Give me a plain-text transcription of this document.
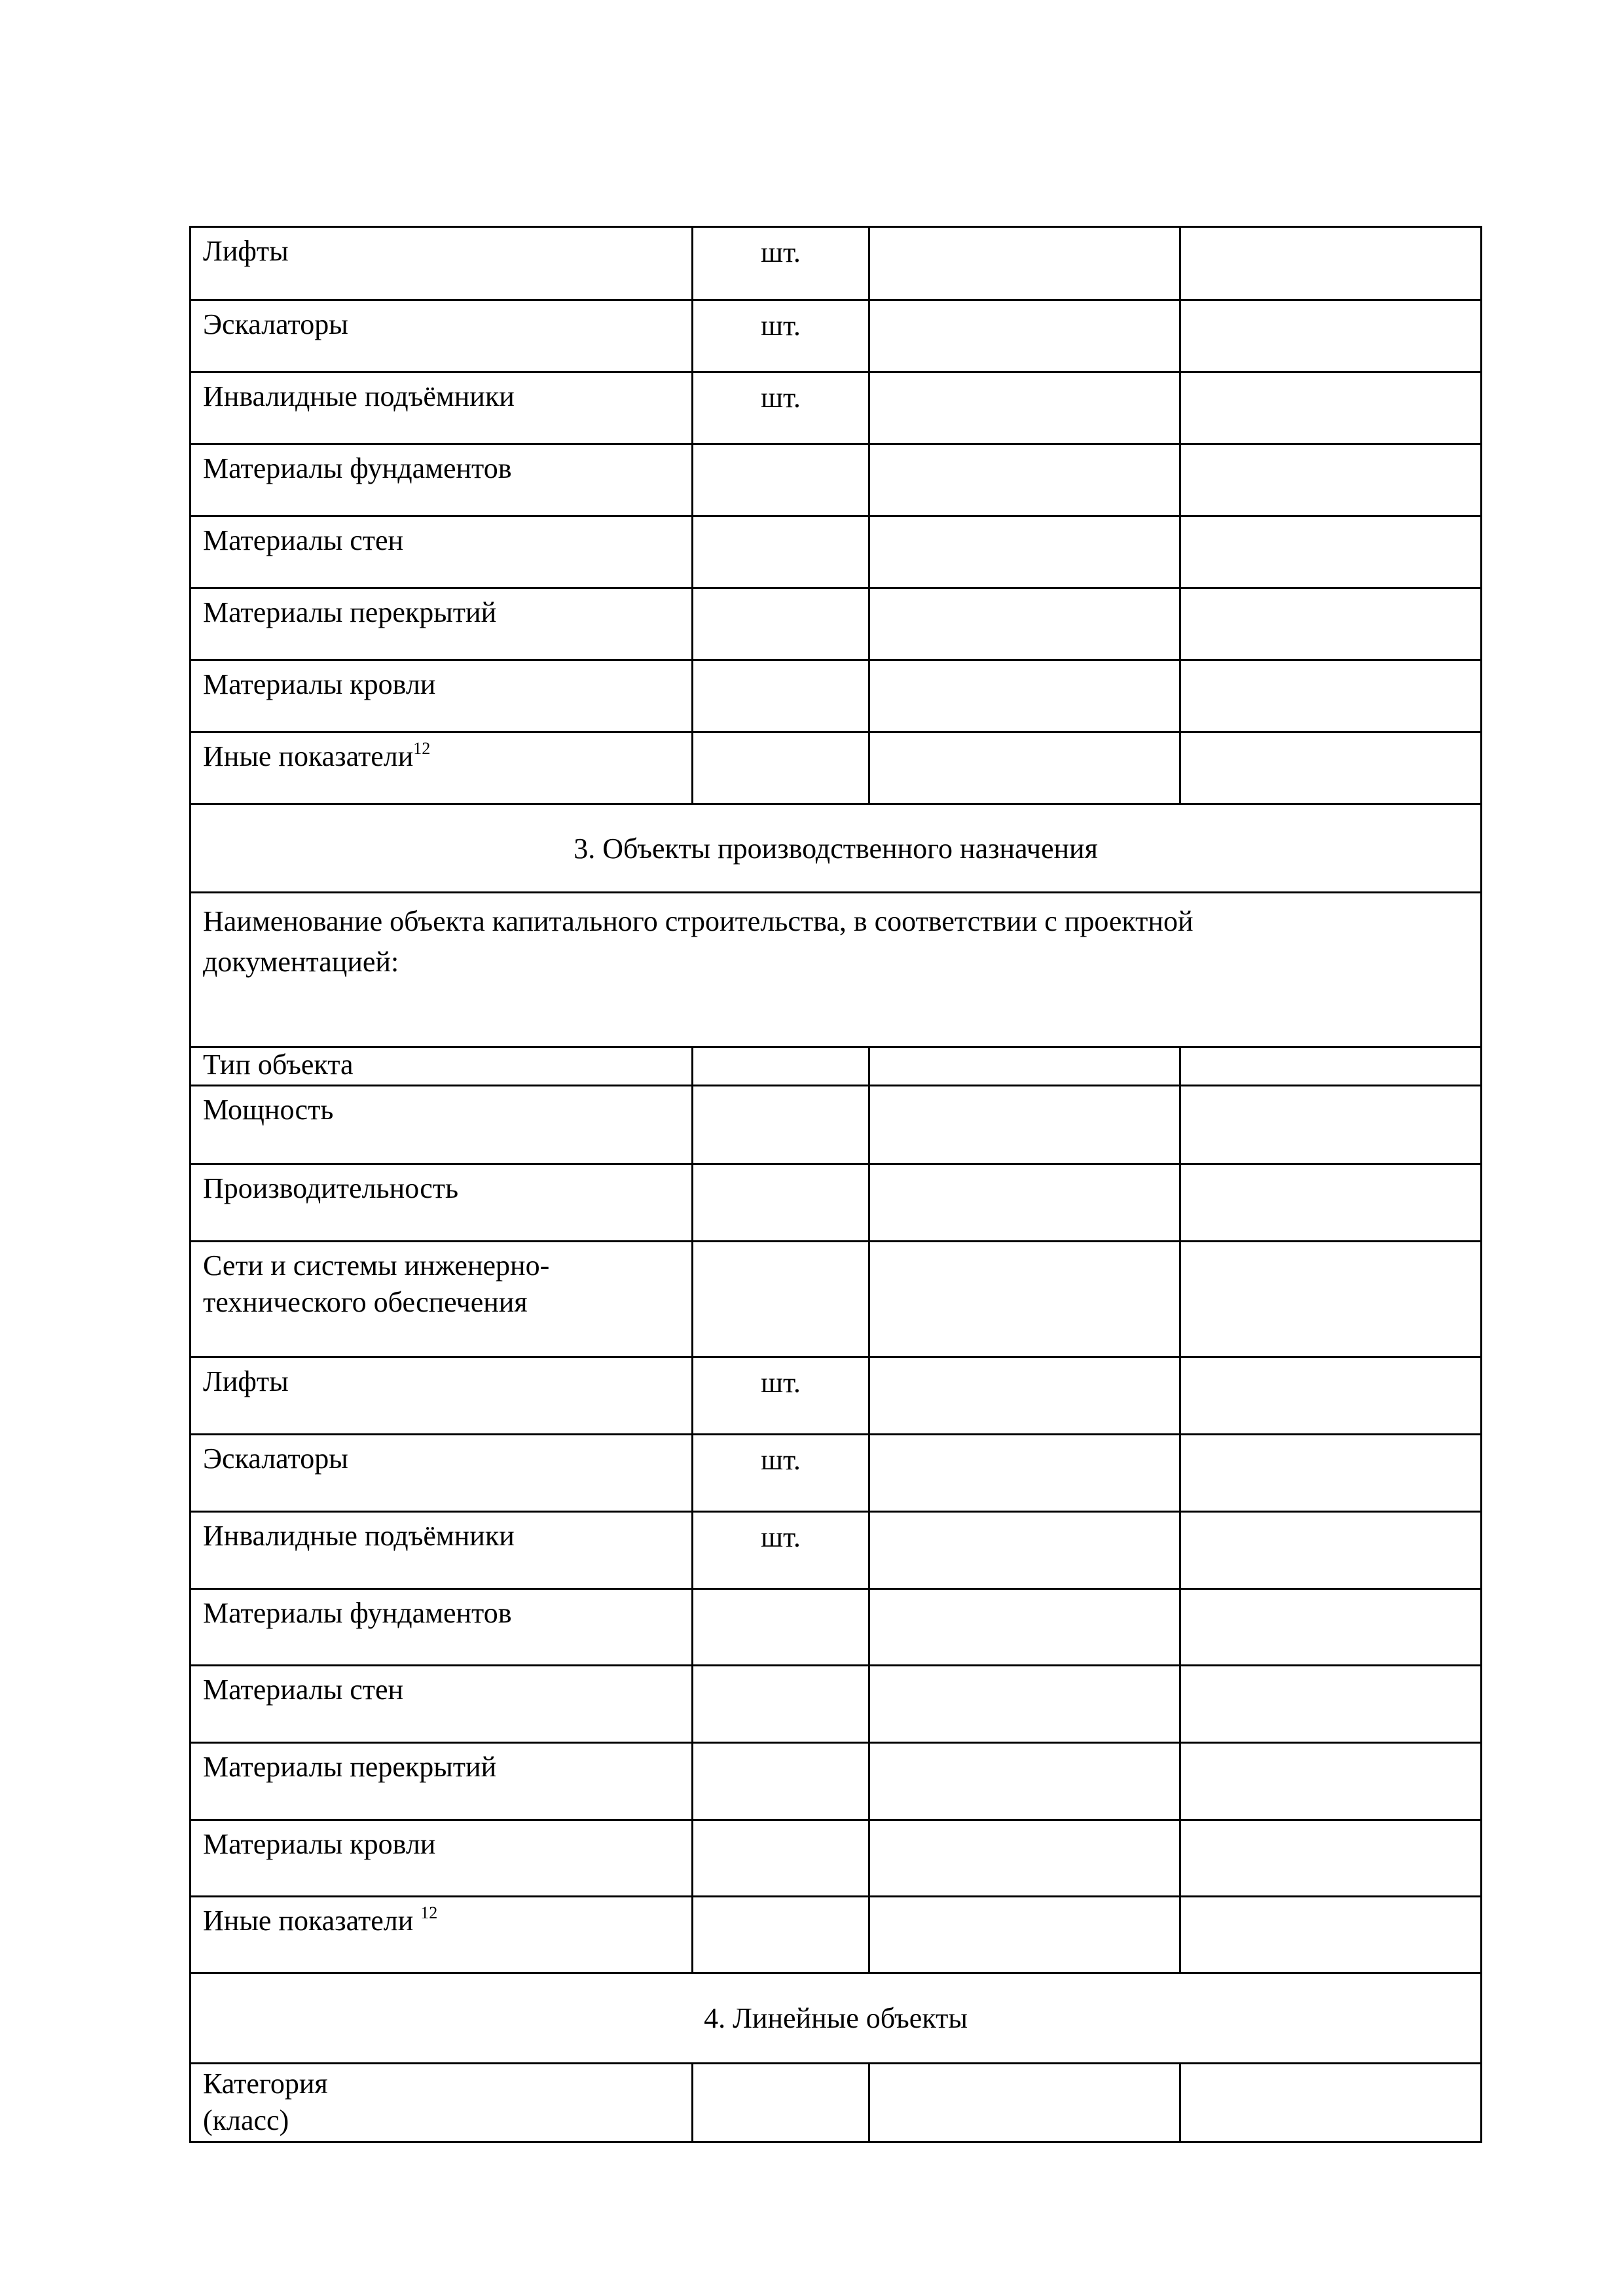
Лифты	шт.
Эскалаторы	шт.
Инвалидные подъёмники	шт.
Материалы фундаментов
Материалы стен
Материалы перекрытий
Материалы кровли
Иные показатели$^{12}$
3. Объекты производственного назначения
Наименование объекта капитального строительства, в соответствии с проектной
документацией:
Тип объекта
Мощность
Производительность
Сети и системы инженерно-
технического обеспечения
Лифты	шт.
Эскалаторы	шт.
Инвалидные подъёмники	шт.
Материалы фундаментов
Материалы стен
Материалы перекрытий
Материалы кровли
Иные показатели $^{12}$
4. Линейные объекты
Категория
(класс)
